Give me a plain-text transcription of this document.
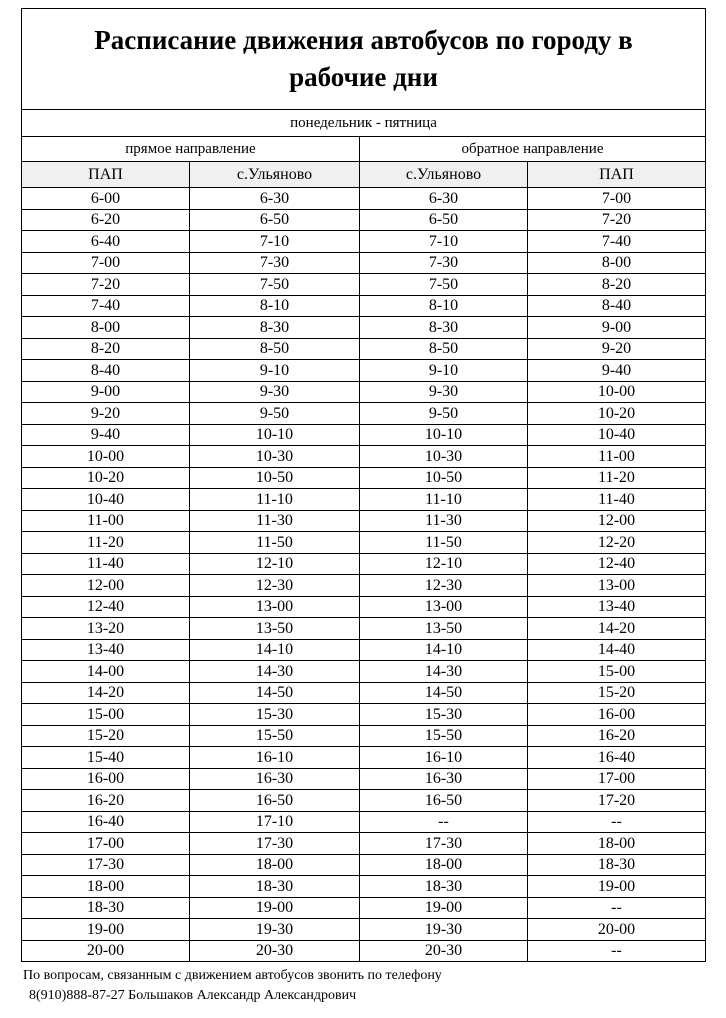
Расписание движения автобусов по городу в рабочие дни			
понедельник - пятница			
прямое направление		обратное направление	
ПАП	с.Ульяново	с.Ульяново	ПАП
6-00	6-30	6-30	7-00
6-20	6-50	6-50	7-20
6-40	7-10	7-10	7-40
7-00	7-30	7-30	8-00
7-20	7-50	7-50	8-20
7-40	8-10	8-10	8-40
8-00	8-30	8-30	9-00
8-20	8-50	8-50	9-20
8-40	9-10	9-10	9-40
9-00	9-30	9-30	10-00
9-20	9-50	9-50	10-20
9-40	10-10	10-10	10-40
10-00	10-30	10-30	11-00
10-20	10-50	10-50	11-20
10-40	11-10	11-10	11-40
11-00	11-30	11-30	12-00
11-20	11-50	11-50	12-20
11-40	12-10	12-10	12-40
12-00	12-30	12-30	13-00
12-40	13-00	13-00	13-40
13-20	13-50	13-50	14-20
13-40	14-10	14-10	14-40
14-00	14-30	14-30	15-00
14-20	14-50	14-50	15-20
15-00	15-30	15-30	16-00
15-20	15-50	15-50	16-20
15-40	16-10	16-10	16-40
16-00	16-30	16-30	17-00
16-20	16-50	16-50	17-20
16-40	17-10	--	--
17-00	17-30	17-30	18-00
17-30	18-00	18-00	18-30
18-00	18-30	18-30	19-00
18-30	19-00	19-00	--
19-00	19-30	19-30	20-00
20-00	20-30	20-30	--
По вопросам, связанным с движением автобусов звонить по телефону
8(910)888-87-27 Большаков Александр Александрович
